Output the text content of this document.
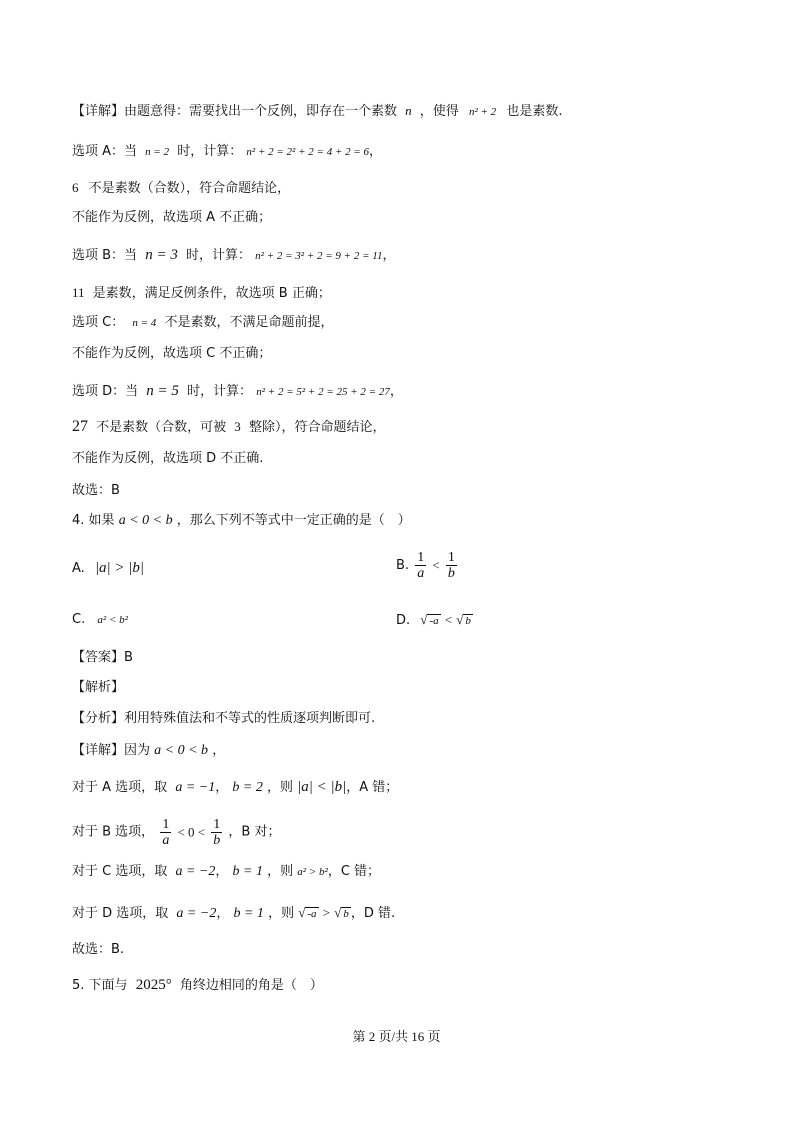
【详解】由题意得：需要找出一个反例，即存在一个素数 n ，使得 n² + 2 也是素数.
选项 A：当 n = 2 时，计算： n² + 2 = 2² + 2 = 4 + 2 = 6，
6 不是素数（合数），符合命题结论，
不能作为反例，故选项 A 不正确；
选项 B：当 n = 3 时，计算： n² + 2 = 3² + 2 = 9 + 2 = 11，
11 是素数，满足反例条件，故选项 B 正确；
选项 C： n = 4 不是素数，不满足命题前提，
不能作为反例，故选项 C 不正确；
选项 D：当 n = 5 时，计算： n² + 2 = 5² + 2 = 25 + 2 = 27，
27 不是素数（合数，可被 3 整除），符合命题结论，
不能作为反例，故选项 D 不正确.
故选：B
4. 如果 a < 0 < b ，那么下列不等式中一定正确的是（　）
A. |a| > |b|	B. $\frac{1}{a} < \frac{1}{b}$
C. a² < b²	D. √ -a < √ b
【答案】B
【解析】
【分析】利用特殊值法和不等式的性质逐项判断即可.
【详解】因为 a < 0 < b ，
对于 A 选项，取 a = −1， b = 2 ，则 |a| < |b|，A 错；
对于 B 选项， $\frac{1}{a} < 0 < \frac{1}{b}$ ，B 对；
对于 C 选项，取 a = −2， b = 1 ，则 a² > b²，C 错；
对于 D 选项，取 a = −2， b = 1 ，则 √ -a > √ b ，D 错.
故选：B.
5. 下面与 2025° 角终边相同的角是（　）
第 2 页/共 16 页
